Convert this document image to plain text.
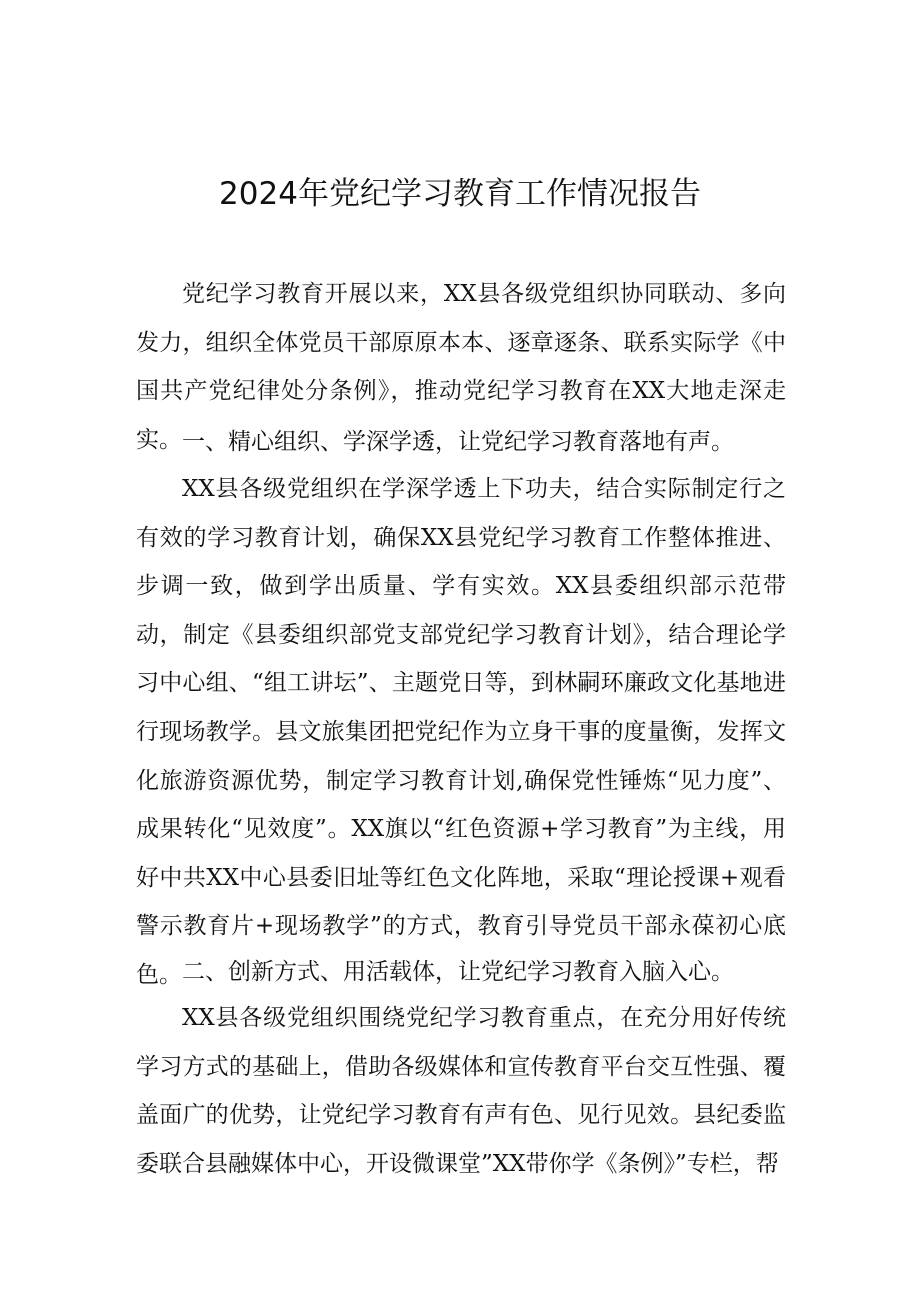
2024年党纪学习教育工作情况报告

党纪学习教育开展以来，XX县各级党组织协同联动、多向发力，组织全体党员干部原原本本、逐章逐条、联系实际学《中国共产党纪律处分条例》，推动党纪学习教育在XX大地走深走实。 一、精心组织、学深学透，让党纪学习教育落地有声。

XX县各级党组织在学深学透上下功夫，结合实际制定行之有效的学习教育计划，确保XX县党纪学习教育工作整体推进、步调一致，做到学出质量、学有实效。XX县委组织部示范带动，制定《县委组织部党支部党纪学习教育计划》，结合理论学习中心组、“组工讲坛”、主题党日等，到林嗣环廉政文化基地进行现场教学。县文旅集团把党纪作为立身干事的度量衡，发挥文化旅游资源优势，制定学习教育计划,确保党性锤炼“见力度”、成果转化“见效度”。XX旗以“红色资源+学习教育”为主线，用好中共XX中心县委旧址等红色文化阵地，采取“理论授课+观看警示教育片+现场教学”的方式，教育引导党员干部永葆初心底色。 二、创新方式、用活载体，让党纪学习教育入脑入心。

XX县各级党组织围绕党纪学习教育重点，在充分用好传统学习方式的基础上，借助各级媒体和宣传教育平台交互性强、覆盖面广的优势，让党纪学习教育有声有色、见行见效。县纪委监委联合县融媒体中心，开设微课堂”XX带你学《条例》”专栏，帮
